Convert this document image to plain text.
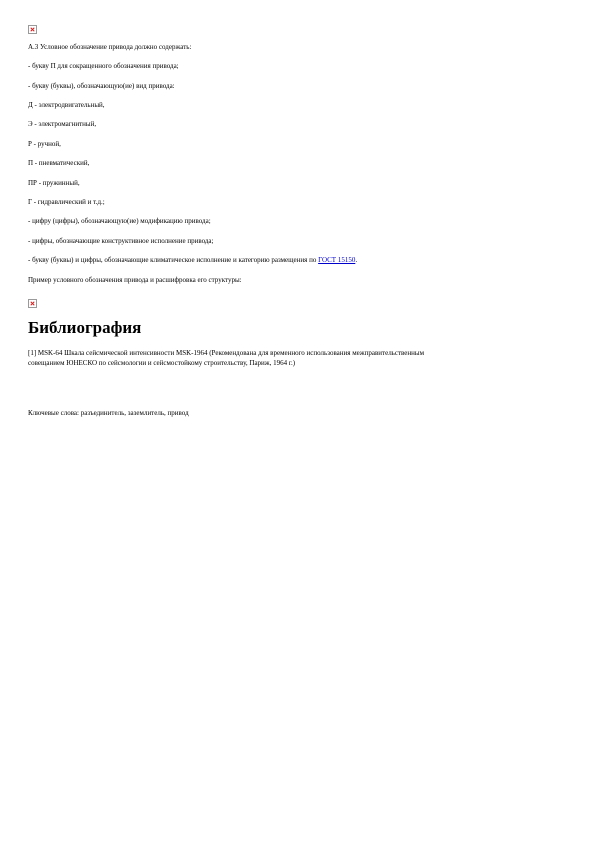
А.3 Условное обозначение привода должно содержать:

- букву П для сокращенного обозначения привода;

- букву (буквы), обозначающую(ие) вид привода:

Д - электродвигательный,

Э - электромагнитный,

Р - ручной,

П - пневматический,

ПР - пружинный,

Г - гидравлический и т.д.;

- цифру (цифры), обозначающую(ие) модификацию привода;

- цифры, обозначающие конструктивное исполнение привода;

- букву (буквы) и цифры, обозначающие климатическое исполнение и категорию размещения по ГОСТ 15150.

Пример условного обозначения привода и расшифровка его структуры:

Библиография
[1] MSK-64 Шкала сейсмической интенсивности MSK-1964 (Рекомендована для временного использования межправительственным
совещанием ЮНЕСКО по сейсмологии и сейсмостойкому строительству, Париж, 1964 г.)

Ключевые слова: разъединитель, заземлитель, привод
